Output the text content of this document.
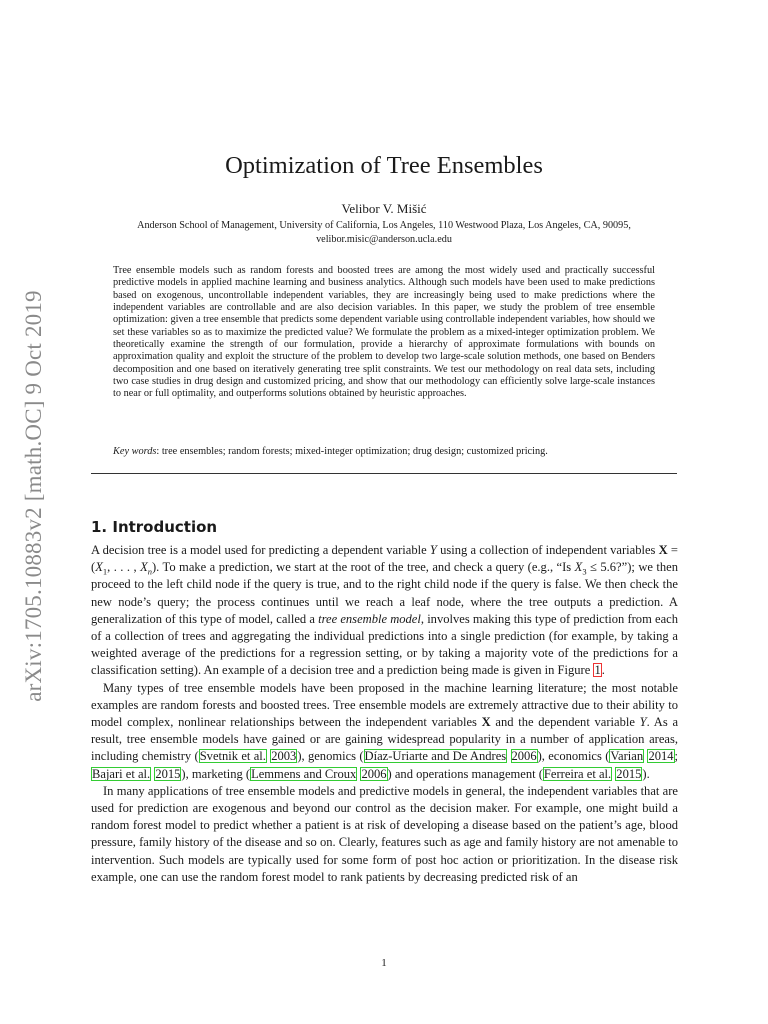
arXiv:1705.10883v2 [math.OC] 9 Oct 2019
Optimization of Tree Ensembles
Velibor V. Mišić
Anderson School of Management, University of California, Los Angeles, 110 Westwood Plaza, Los Angeles, CA, 90095,
velibor.misic@anderson.ucla.edu
Tree ensemble models such as random forests and boosted trees are among the most widely used and practically successful predictive models in applied machine learning and business analytics. Although such models have been used to make predictions based on exogenous, uncontrollable independent variables, they are increasingly being used to make predictions where the independent variables are controllable and are also decision variables. In this paper, we study the problem of tree ensemble optimization: given a tree ensemble that predicts some dependent variable using controllable independent variables, how should we set these variables so as to maximize the predicted value? We formulate the problem as a mixed-integer optimization problem. We theoretically examine the strength of our formulation, provide a hierarchy of approximate formulations with bounds on approximation quality and exploit the structure of the problem to develop two large-scale solution methods, one based on Benders decomposition and one based on iteratively generating tree split constraints. We test our methodology on real data sets, including two case studies in drug design and customized pricing, and show that our methodology can efficiently solve large-scale instances to near or full optimality, and outperforms solutions obtained by heuristic approaches.
Key words: tree ensembles; random forests; mixed-integer optimization; drug design; customized pricing.
1. Introduction

A decision tree is a model used for predicting a dependent variable Y using a collection of independent variables $X = (X_1$, . . . , $X_n$). To make a prediction, we start at the root of the tree, and check a query (e.g., “Is $X_3$ ≤ 5.6?”); we then proceed to the left child node if the query is true, and to the right child node if the query is false. We then check the new node’s query; the process continues until we reach a leaf node, where the tree outputs a prediction. A generalization of this type of model, called a tree ensemble model, involves making this type of prediction from each of a collection of trees and aggregating the individual predictions into a single prediction (for example, by taking a weighted average of the predictions for a regression setting, or by taking a majority vote of the predictions for a classification setting). An example of a decision tree and a prediction being made is given in Figure 1.

Many types of tree ensemble models have been proposed in the machine learning literature; the most notable examples are random forests and boosted trees. Tree ensemble models are extremely attractive due to their ability to model complex, nonlinear relationships between the independent variables X and the dependent variable Y. As a result, tree ensemble models have gained or are gaining widespread popularity in a number of application areas, including chemistry (Svetnik et al. 2003), genomics (Díaz-Uriarte and De Andres 2006), economics (Varian 2014; Bajari et al. 2015), marketing (Lemmens and Croux 2006) and operations management (Ferreira et al. 2015).

In many applications of tree ensemble models and predictive models in general, the independent variables that are used for prediction are exogenous and beyond our control as the decision maker. For example, one might build a random forest model to predict whether a patient is at risk of developing a disease based on the patient’s age, blood pressure, family history of the disease and so on. Clearly, features such as age and family history are not amenable to intervention. Such models are typically used for some form of post hoc action or prioritization. In the disease risk example, one can use the random forest model to rank patients by decreasing predicted risk of an

1
